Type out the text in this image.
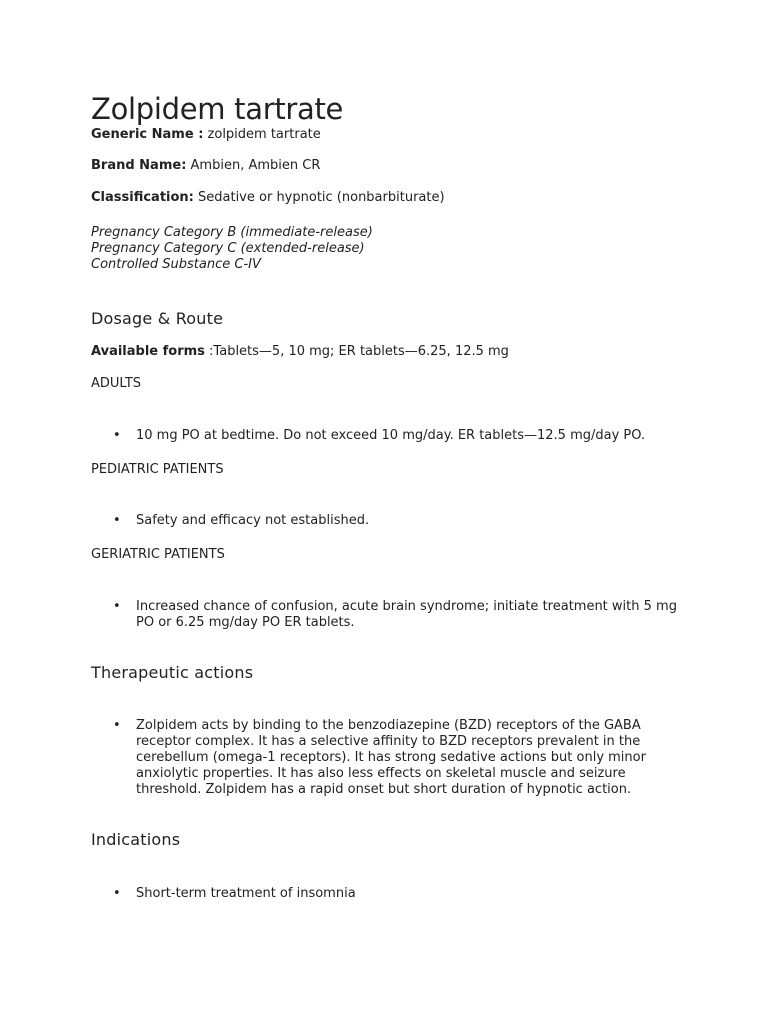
Zolpidem tartrate
Generic Name : zolpidem tartrate
Brand Name: Ambien, Ambien CR
Classification: Sedative or hypnotic (nonbarbiturate)
Pregnancy Category B (immediate-release)
Pregnancy Category C (extended-release)
Controlled Substance C-IV
Dosage & Route
Available forms :Tablets—5, 10 mg; ER tablets—6.25, 12.5 mg
ADULTS
•	10 mg PO at bedtime. Do not exceed 10 mg/day. ER tablets—12.5 mg/day PO.
PEDIATRIC PATIENTS
•	Safety and efficacy not established.
GERIATRIC PATIENTS
•	Increased chance of confusion, acute brain syndrome; initiate treatment with 5 mg
PO or 6.25 mg/day PO ER tablets.
Therapeutic actions
•	Zolpidem acts by binding to the benzodiazepine (BZD) receptors of the GABA
receptor complex. It has a selective affinity to BZD receptors prevalent in the
cerebellum (omega-1 receptors). It has strong sedative actions but only minor
anxiolytic properties. It has also less effects on skeletal muscle and seizure
threshold. Zolpidem has a rapid onset but short duration of hypnotic action.
Indications
•	Short-term treatment of insomnia
